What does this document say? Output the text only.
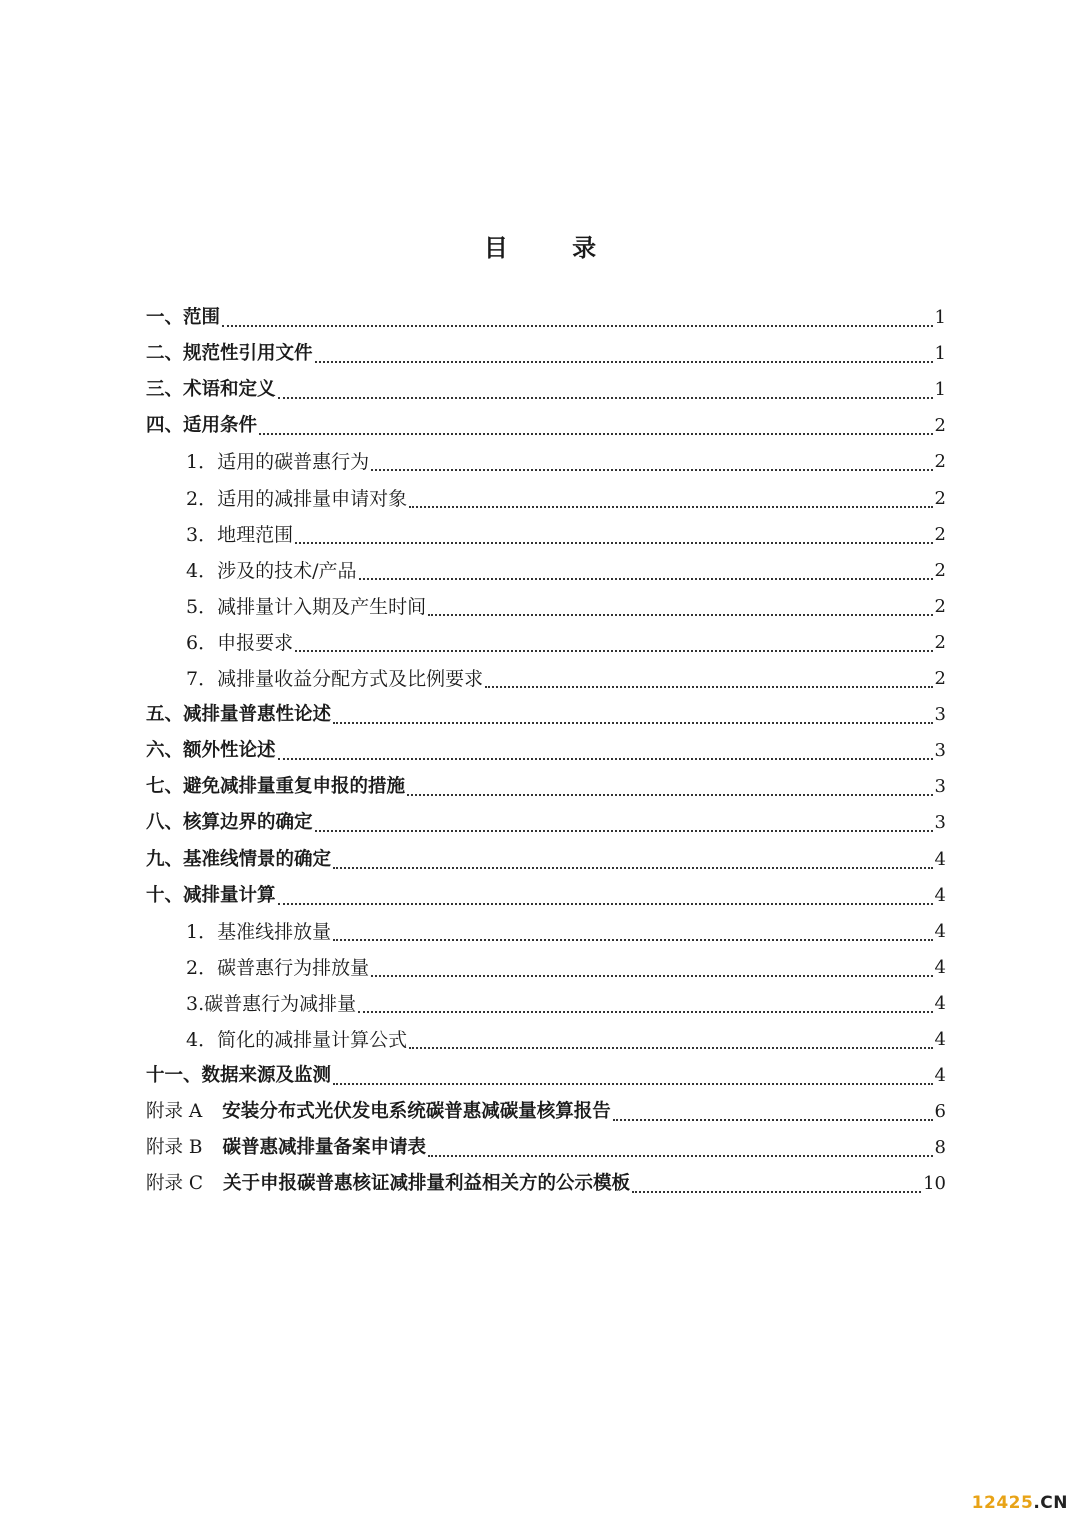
目 录
一、范围	1
二、规范性引用文件	1
三、术语和定义	1
四、适用条件	2
1．适用的碳普惠行为	2
2．适用的减排量申请对象	2
3．地理范围	2
4．涉及的技术/产品	2
5．减排量计入期及产生时间	2
6．申报要求	2
7．减排量收益分配方式及比例要求	2
五、减排量普惠性论述	3
六、额外性论述	3
七、避免减排量重复申报的措施	3
八、核算边界的确定	3
九、基准线情景的确定	4
十、减排量计算	4
1．基准线排放量	4
2．碳普惠行为排放量	4
3.碳普惠行为减排量	4
4．简化的减排量计算公式	4
十一、数据来源及监测	4
附录 A 安装分布式光伏发电系统碳普惠减碳量核算报告	6
附录 B 碳普惠减排量备案申请表	8
附录 C 关于申报碳普惠核证减排量利益相关方的公示模板	10
12425.CN
